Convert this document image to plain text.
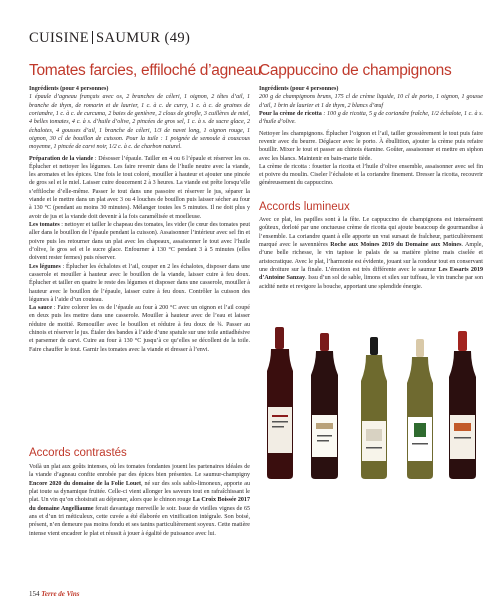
CUISINE SAUMUR (49)
Tomates farcies, effiloché d’agneau
Cappuccino de champignons

Ingrédients (pour 4 personnes)

1 épaule d’agneau français avec os, 2 branches de céleri, 1 oignon, 2 têtes d’ail, 1 branche de thym, de romarin et de laurier, 1 c. à c. de curry, 1 c. à c. de graines de coriandre, 1 c. à c. de curcuma, 2 baies de genièvre, 2 clous de girofle, 3 cuillères de miel, 4 belles tomates, 4 c. à s. d’huile d’olive, 2 pincées de gros sel, 1 c. à s. de sucre glace, 2 échalotes, 4 gousses d’ail, 1 branche de céleri, 1/3 de navet long, 1 oignon rouge, 1 oignon, 30 cl de bouillon de cuisson. Pour la tuile : 1 poignée de semoule à couscous moyenne, 1 pincée de carvi noir, 1/2 c. à c. de charbon naturel.

Préparation de la viande : Désosser l’épaule. Tailler en 4 ou 6 l’épaule et réserver les os. Éplucher et nettoyer les légumes. Les faire revenir dans de l’huile neutre avec la viande, les aromates et les épices. Une fois le tout coloré, mouiller à hauteur et ajouter une pincée de gros sel et le miel. Laisser cuire doucement 2 à 3 heures. La viande est prête lorsqu’elle s’effiloche d’elle-même. Passer le tout dans une passoire et réserver le jus, séparer la viande et le mettre dans un plat avec 3 ou 4 louches de bouillon puis laisser sécher au four à 130 °C (pendant au moins 30 minutes). Mélanger toutes les 5 minutes. Il ne doit plus y avoir de jus et la viande doit devenir à la fois caramélisée et moelleuse.

Les tomates : nettoyer et tailler le chapeau des tomates, les vider (le cœur des tomates peut aller dans le bouillon de l’épaule pendant la cuisson). Assaisonner l’intérieur avec sel fin et poivre puis les retourner dans un plat avec les chapeaux, assaisonner le tout avec l’huile d’olive, le gros sel et le sucre glace. Enfourner à 130 °C pendant 3 à 5 minutes (elles doivent rester fermes) puis réserver.

Les légumes : Éplucher les échalotes et l’ail, couper en 2 les échalotes, disposer dans une casserole et mouiller à hauteur avec le bouillon de la viande, laisser cuire à feu doux. Éplucher et tailler en quatre le reste des légumes et disposer dans une casserole, mouiller à hauteur avec le bouillon de l’épaule, laisser cuire à feu doux. Contrôler la cuisson des légumes à l’aide d’un couteau.

La sauce : Faire colorer les os de l’épaule au four à 200 °C avec un oignon et l’ail coupé en deux puis les mettre dans une casserole. Mouiller à hauteur avec de l’eau et laisser réduire de moitié. Remouiller avec le bouillon et réduire à feu doux de ¾. Passer au chinois et réserver le jus. Étaler des bandes à l’aide d’une spatule sur une toile antiadhésive et parsemer de carvi. Cuire au four à 130 °C jusqu’à ce qu’elles se décollent de la toile. Faire chauffer le tout. Garnir les tomates avec la viande et dresser à l’envi.

Accords contrastés

Voilà un plat aux goûts intenses, où les tomates fondantes jouent les partenaires idéales de la viande d’agneau confite enrobée par des épices bien présentes. Le saumur-champigny Encore 2020 du domaine de la Folie Louet, né sur des sols sablo-limoneux, apporte au plat toute sa dynamique fruitée. Celle-ci vient allonger les saveurs tout en rafraîchissant le plat. Un vin qu’on choisirait au déjeuner, alors que le chinon rouge La Croix Boissée 2017 du domaine Angelliaume ferait davantage merveille le soir. Issue de vieilles vignes de 65 ans et d’un tri méticuleux, cette cuvée a été élaborée en vinification intégrale. Son boisé, présent, n’en demeure pas moins fondu et ses tanins particulièrement soyeux. Cette matière intense vient encadrer le plat et réussit à jouer à égalité de puissance avec lui.

Ingrédients (pour 4 personnes)

200 g de champignons bruns, 175 cl de crème liquide, 10 cl de porto, 1 oignon, 1 gousse d’ail, 1 brin de laurier et 1 de thym, 2 blancs d’œuf

Pour la crème de ricotta : 100 g de ricotta, 5 g de coriandre fraîche, 1/2 échalote, 1 c. à s. d’huile d’olive.

Nettoyer les champignons. Éplucher l’oignon et l’ail, tailler grossièrement le tout puis faire revenir avec du beurre. Déglacer avec le porto. À ébullition, ajouter la crème puis refaire bouillir. Mixer le tout et passer au chinois étamine. Goûter, assaisonner et mettre en siphon avec les blancs. Maintenir en bain-marie tiède.

La crème de ricotta : fouetter la ricotta et l’huile d’olive ensemble, assaisonner avec sel fin et poivre du moulin. Ciseler l’échalote et la coriandre finement. Dresser la ricotta, recouvrir généreusement du cappuccino.

Accords lumineux

Avec ce plat, les papilles sont à la fête. Le cappuccino de champignons est intensément goûteux, dorloté par une onctueuse crème de ricotta qui ajoute beaucoup de gourmandise à l’ensemble. La coriandre quant à elle apporte un vrai sursaut de fraîcheur, particulièrement marqué avec le savennières Roche aux Moines 2019 du Domaine aux Moines. Ample, d’une belle richesse, le vin tapisse le palais de sa matière pleine mais ciselée et aristocratique. Avec le plat, l’harmonie est évidente, jouant sur la rondeur tout en conservant une droiture sur la finale. L’émotion est très différente avec le saumur Les Essarts 2019 d’Antoine Sanzay. Issu d’un sol de sable, limons et silex sur tuffeau, le vin tranche par son acidité nette et revigore la bouche, apportant une splendide énergie.

154 Terre de Vins
